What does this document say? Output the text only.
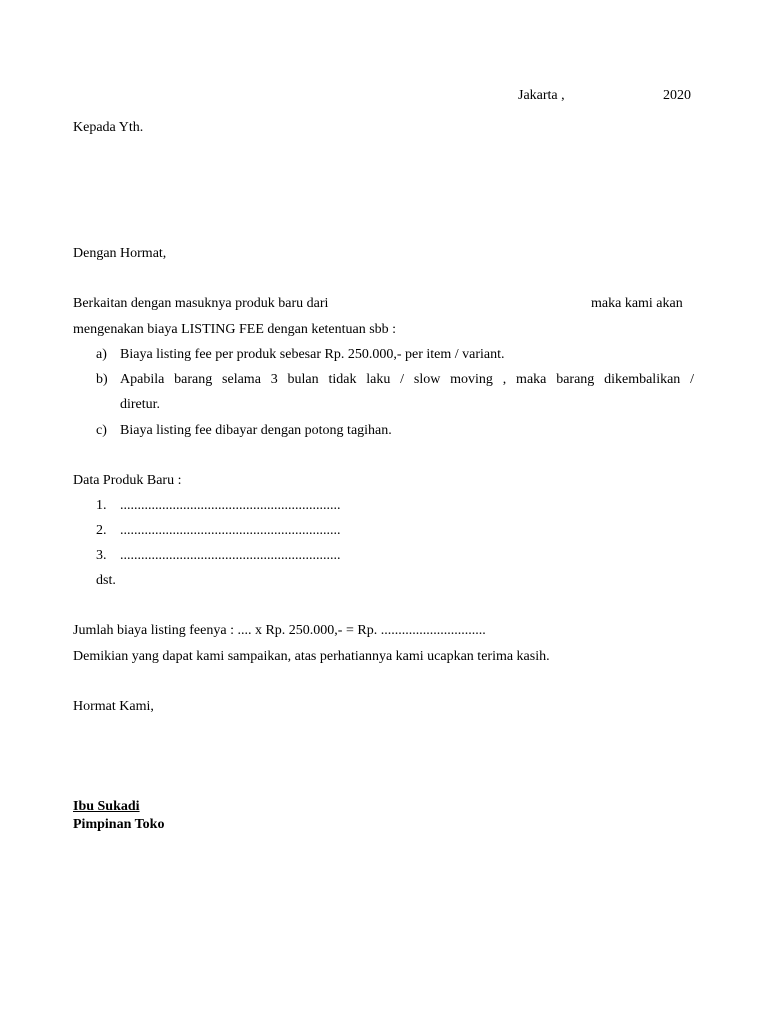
Jakarta ,	2020
Kepada Yth.
Dengan Hormat,
Berkaitan dengan masuknya produk baru dari	maka kami akan
mengenakan biaya LISTING FEE dengan ketentuan sbb :
a) Biaya listing fee per produk sebesar Rp. 250.000,- per item / variant.
b) Apabila barang selama 3 bulan tidak laku / slow moving , maka barang dikembalikan /
diretur.
c) Biaya listing fee dibayar dengan potong tagihan.
Data Produk Baru :
1. ...............................................................
2. ...............................................................
3. ...............................................................
dst.
Jumlah biaya listing feenya : .... x Rp. 250.000,- = Rp. ..............................
Demikian yang dapat kami sampaikan, atas perhatiannya kami ucapkan terima kasih.
Hormat Kami,
Ibu Sukadi
Pimpinan Toko
